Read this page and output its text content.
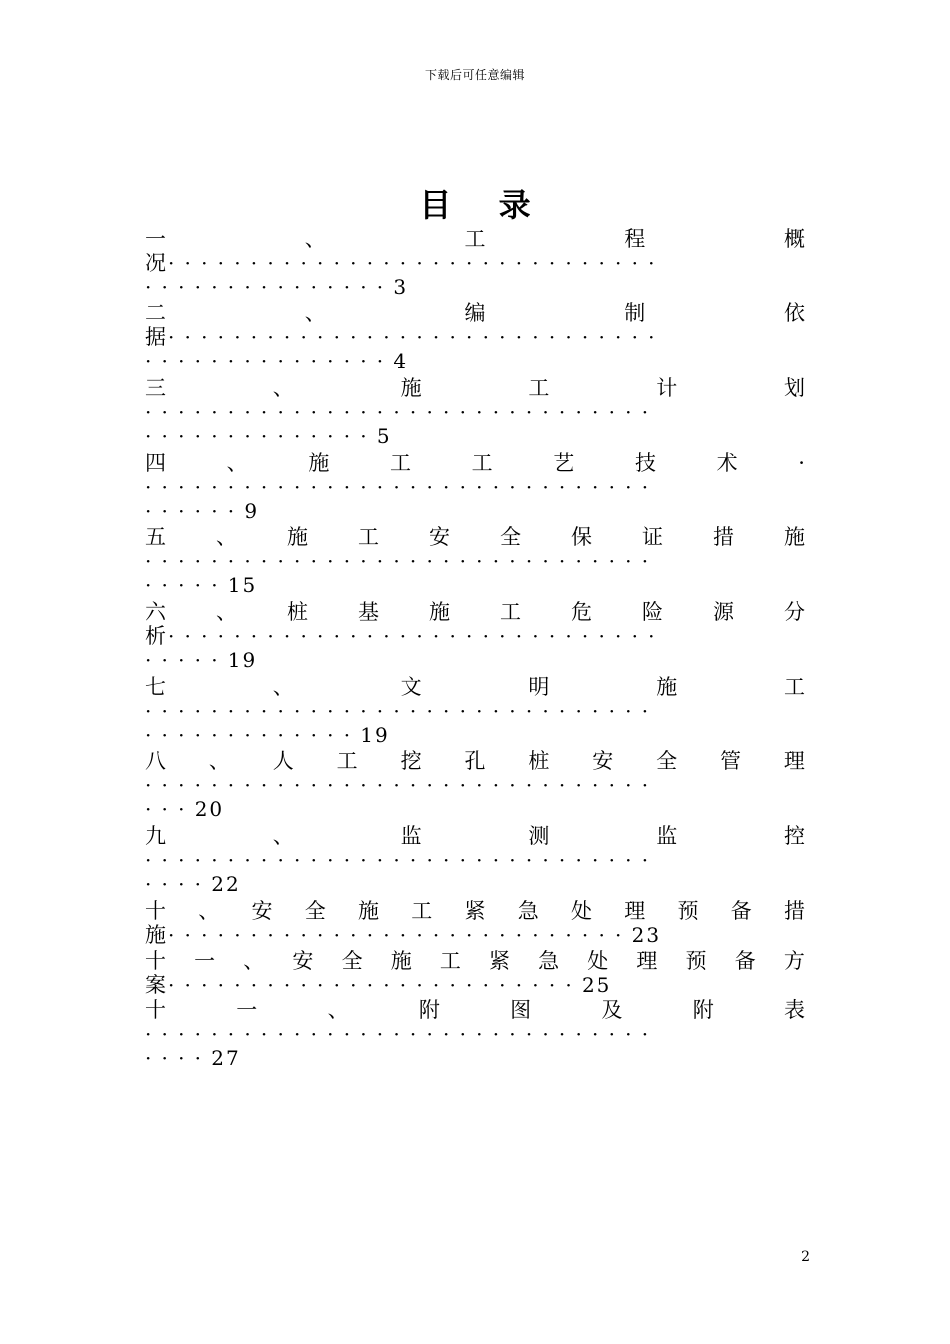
下载后可任意编辑
目 录
一	、	工	程	概
况······························
···············3
二	、	编	制	依
据······························
···············4
三	、	施	工	计	划
·······························
··············5
四	、	施	工	工	艺	技	术	·
·······························
······9
五 、 施 工 安 全 保 证 措 施
·······························
·····15
六 、 桩 基 施 工 危 险 源 分
析······························
·····19
七	、	文	明	施	工
·······························
·············19
八 、 人 工 挖 孔 桩 安 全 管 理
·······························
···20
九	、	监	测	监	控
·······························
····22
十 、 安 全 施 工 紧 急 处 理 预 备 措
施····························23
十 一 、 安 全 施 工 紧 急 处 理 预 备 方
案·························25
十	一	、	附	图	及	附	表
·······························
····27
2
